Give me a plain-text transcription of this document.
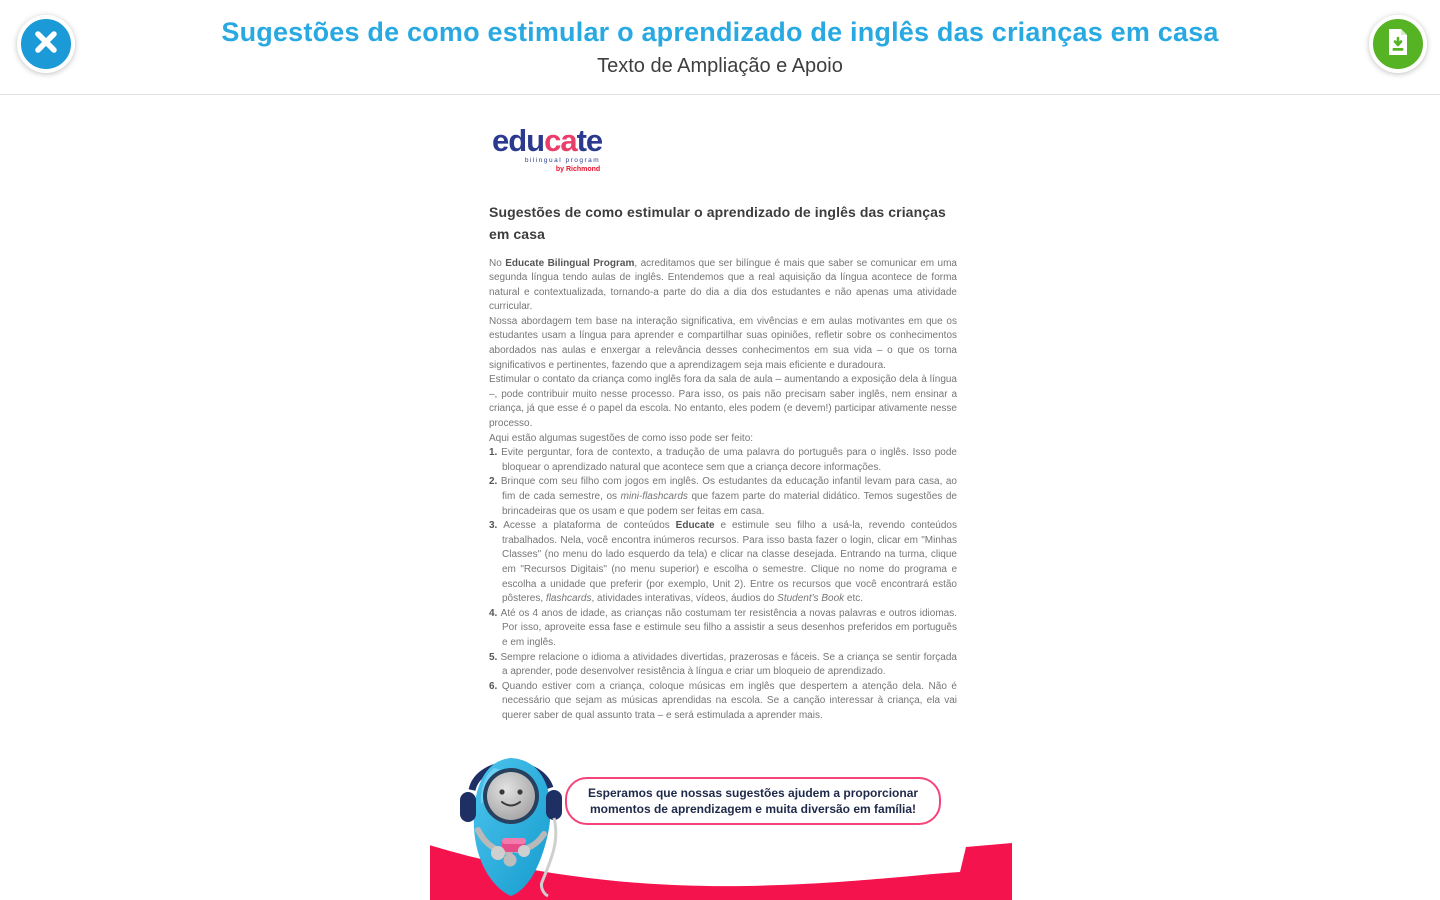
Sugestões de como estimular o aprendizado de inglês das crianças em casa
Texto de Ampliação e Apoio
educate
bilingual program
by Richmond
Sugestões de como estimular o aprendizado de inglês das crianças em casa

No Educate Bilingual Program, acreditamos que ser bilíngue é mais que saber se comunicar em uma segunda língua tendo aulas de inglês. Entendemos que a real aquisição da língua acontece de forma natural e contextualizada, tornando-a parte do dia a dia dos estudantes e não apenas uma atividade curricular.

Nossa abordagem tem base na interação significativa, em vivências e em aulas motivantes em que os estudantes usam a língua para aprender e compartilhar suas opiniões, refletir sobre os conhecimentos abordados nas aulas e enxergar a relevância desses conhecimentos em sua vida – o que os torna significativos e pertinentes, fazendo que a aprendizagem seja mais eficiente e duradoura.

Estimular o contato da criança como inglês fora da sala de aula – aumentando a exposição dela à língua –, pode contribuir muito nesse processo. Para isso, os pais não precisam saber inglês, nem ensinar a criança, já que esse é o papel da escola. No entanto, eles podem (e devem!) participar ativamente nesse processo.

Aqui estão algumas sugestões de como isso pode ser feito:

1. Evite perguntar, fora de contexto, a tradução de uma palavra do português para o inglês. Isso pode bloquear o aprendizado natural que acontece sem que a criança decore informações.
2. Brinque com seu filho com jogos em inglês. Os estudantes da educação infantil levam para casa, ao fim de cada semestre, os mini-flashcards que fazem parte do material didático. Temos sugestões de brincadeiras que os usam e que podem ser feitas em casa.
3. Acesse a plataforma de conteúdos Educate e estimule seu filho a usá-la, revendo conteúdos trabalhados. Nela, você encontra inúmeros recursos. Para isso basta fazer o login, clicar em "Minhas Classes" (no menu do lado esquerdo da tela) e clicar na classe desejada. Entrando na turma, clique em "Recursos Digitais" (no menu superior) e escolha o semestre. Clique no nome do programa e escolha a unidade que preferir (por exemplo, Unit 2). Entre os recursos que você encontrará estão pôsteres, flashcards, atividades interativas, vídeos, áudios do Student's Book etc.
4. Até os 4 anos de idade, as crianças não costumam ter resistência a novas palavras e outros idiomas. Por isso, aproveite essa fase e estimule seu filho a assistir a seus desenhos preferidos em português e em inglês.
5. Sempre relacione o idioma a atividades divertidas, prazerosas e fáceis. Se a criança se sentir forçada a aprender, pode desenvolver resistência à língua e criar um bloqueio de aprendizado.
6. Quando estiver com a criança, coloque músicas em inglês que despertem a atenção dela. Não é necessário que sejam as músicas aprendidas na escola. Se a canção interessar à criança, ela vai querer saber de qual assunto trata – e será estimulada a aprender mais.
Esperamos que nossas sugestões ajudem a proporcionar
momentos de aprendizagem e muita diversão em família!
